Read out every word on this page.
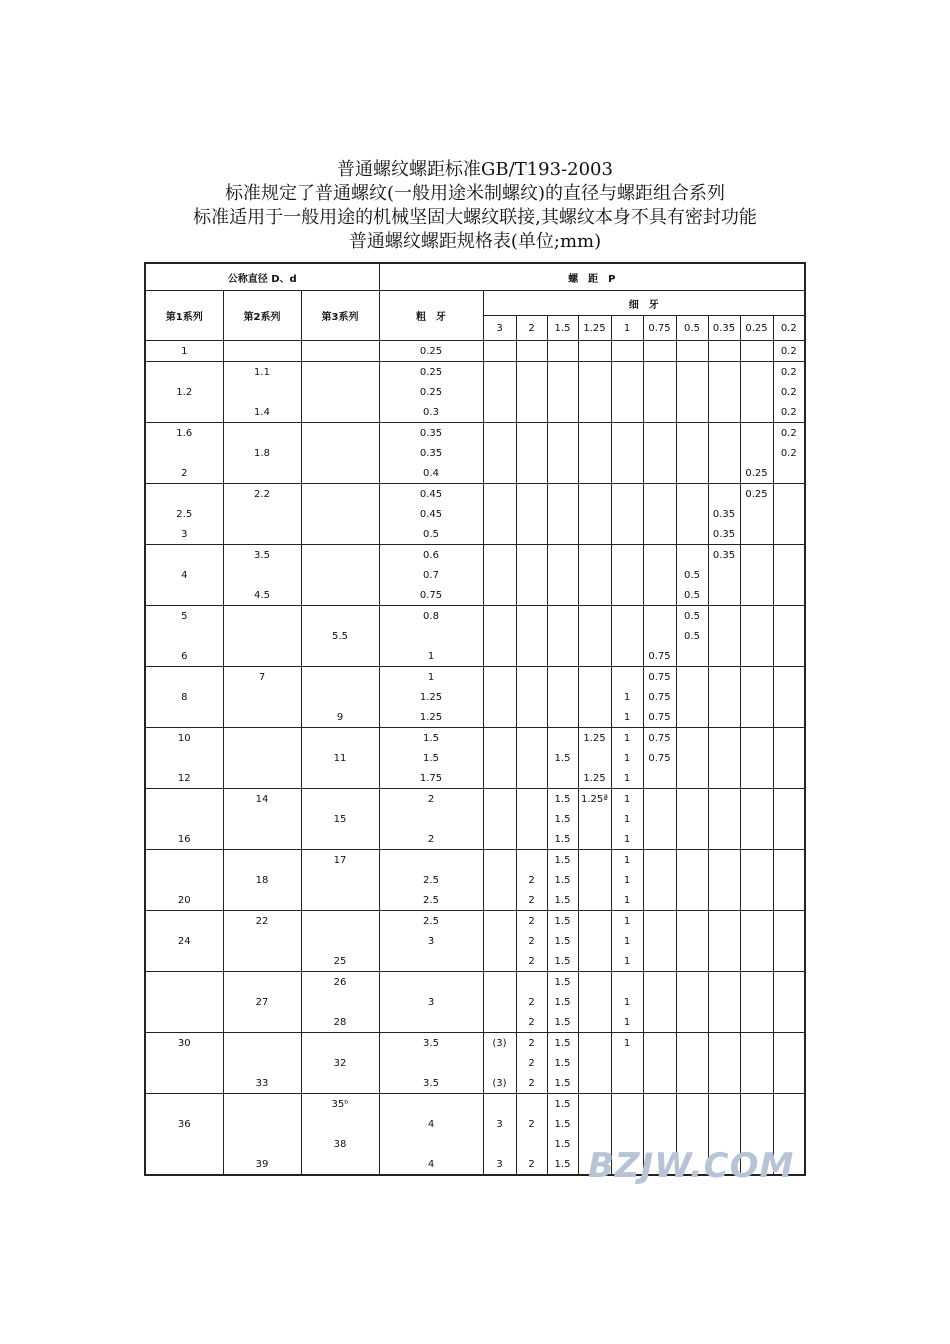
普通螺纹螺距标准GB/T193-2003
标准规定了普通螺纹(一般用途米制螺纹)的直径与螺距组合系列
标准适用于一般用途的机械坚固大螺纹联接,其螺纹本身不具有密封功能
普通螺纹螺距规格表(单位;mm)
公称直径 D、d			螺　距　P										
第1系列	第2系列	第3系列	粗　牙	细　牙									
				3	2	1.5	1.25	1	0.75	0.5	0.35	0.25	0.2
1			0.25										0.2
	1.1		0.25										0.2
1.2			0.25										0.2
	1.4		0.3										0.2
1.6			0.35										0.2
	1.8		0.35										0.2
2			0.4									0.25	
	2.2		0.45									0.25	
2.5			0.45								0.35		
3			0.5								0.35		
	3.5		0.6								0.35		
4			0.7							0.5			
	4.5		0.75							0.5			
5			0.8							0.5			
		5.5								0.5			
6			1						0.75				
	7		1						0.75				
8			1.25					1	0.75				
		9	1.25					1	0.75				
10			1.5				1.25	1	0.75				
		11	1.5			1.5		1	0.75				
12			1.75				1.25	1					
	14		2			1.5	1.25ª	1					
		15				1.5		1					
16			2			1.5		1					
		17				1.5		1					
	18		2.5		2	1.5		1					
20			2.5		2	1.5		1					
	22		2.5		2	1.5		1					
24			3		2	1.5		1					
		25			2	1.5		1					
		26				1.5							
	27		3		2	1.5		1					
		28			2	1.5		1					
30			3.5	(3)	2	1.5		1					
		32			2	1.5							
	33		3.5	(3)	2	1.5							
		35ᵇ				1.5							
36			4	3	2	1.5							
		38				1.5							
	39		4	3	2	1.5							BZJW.COM
